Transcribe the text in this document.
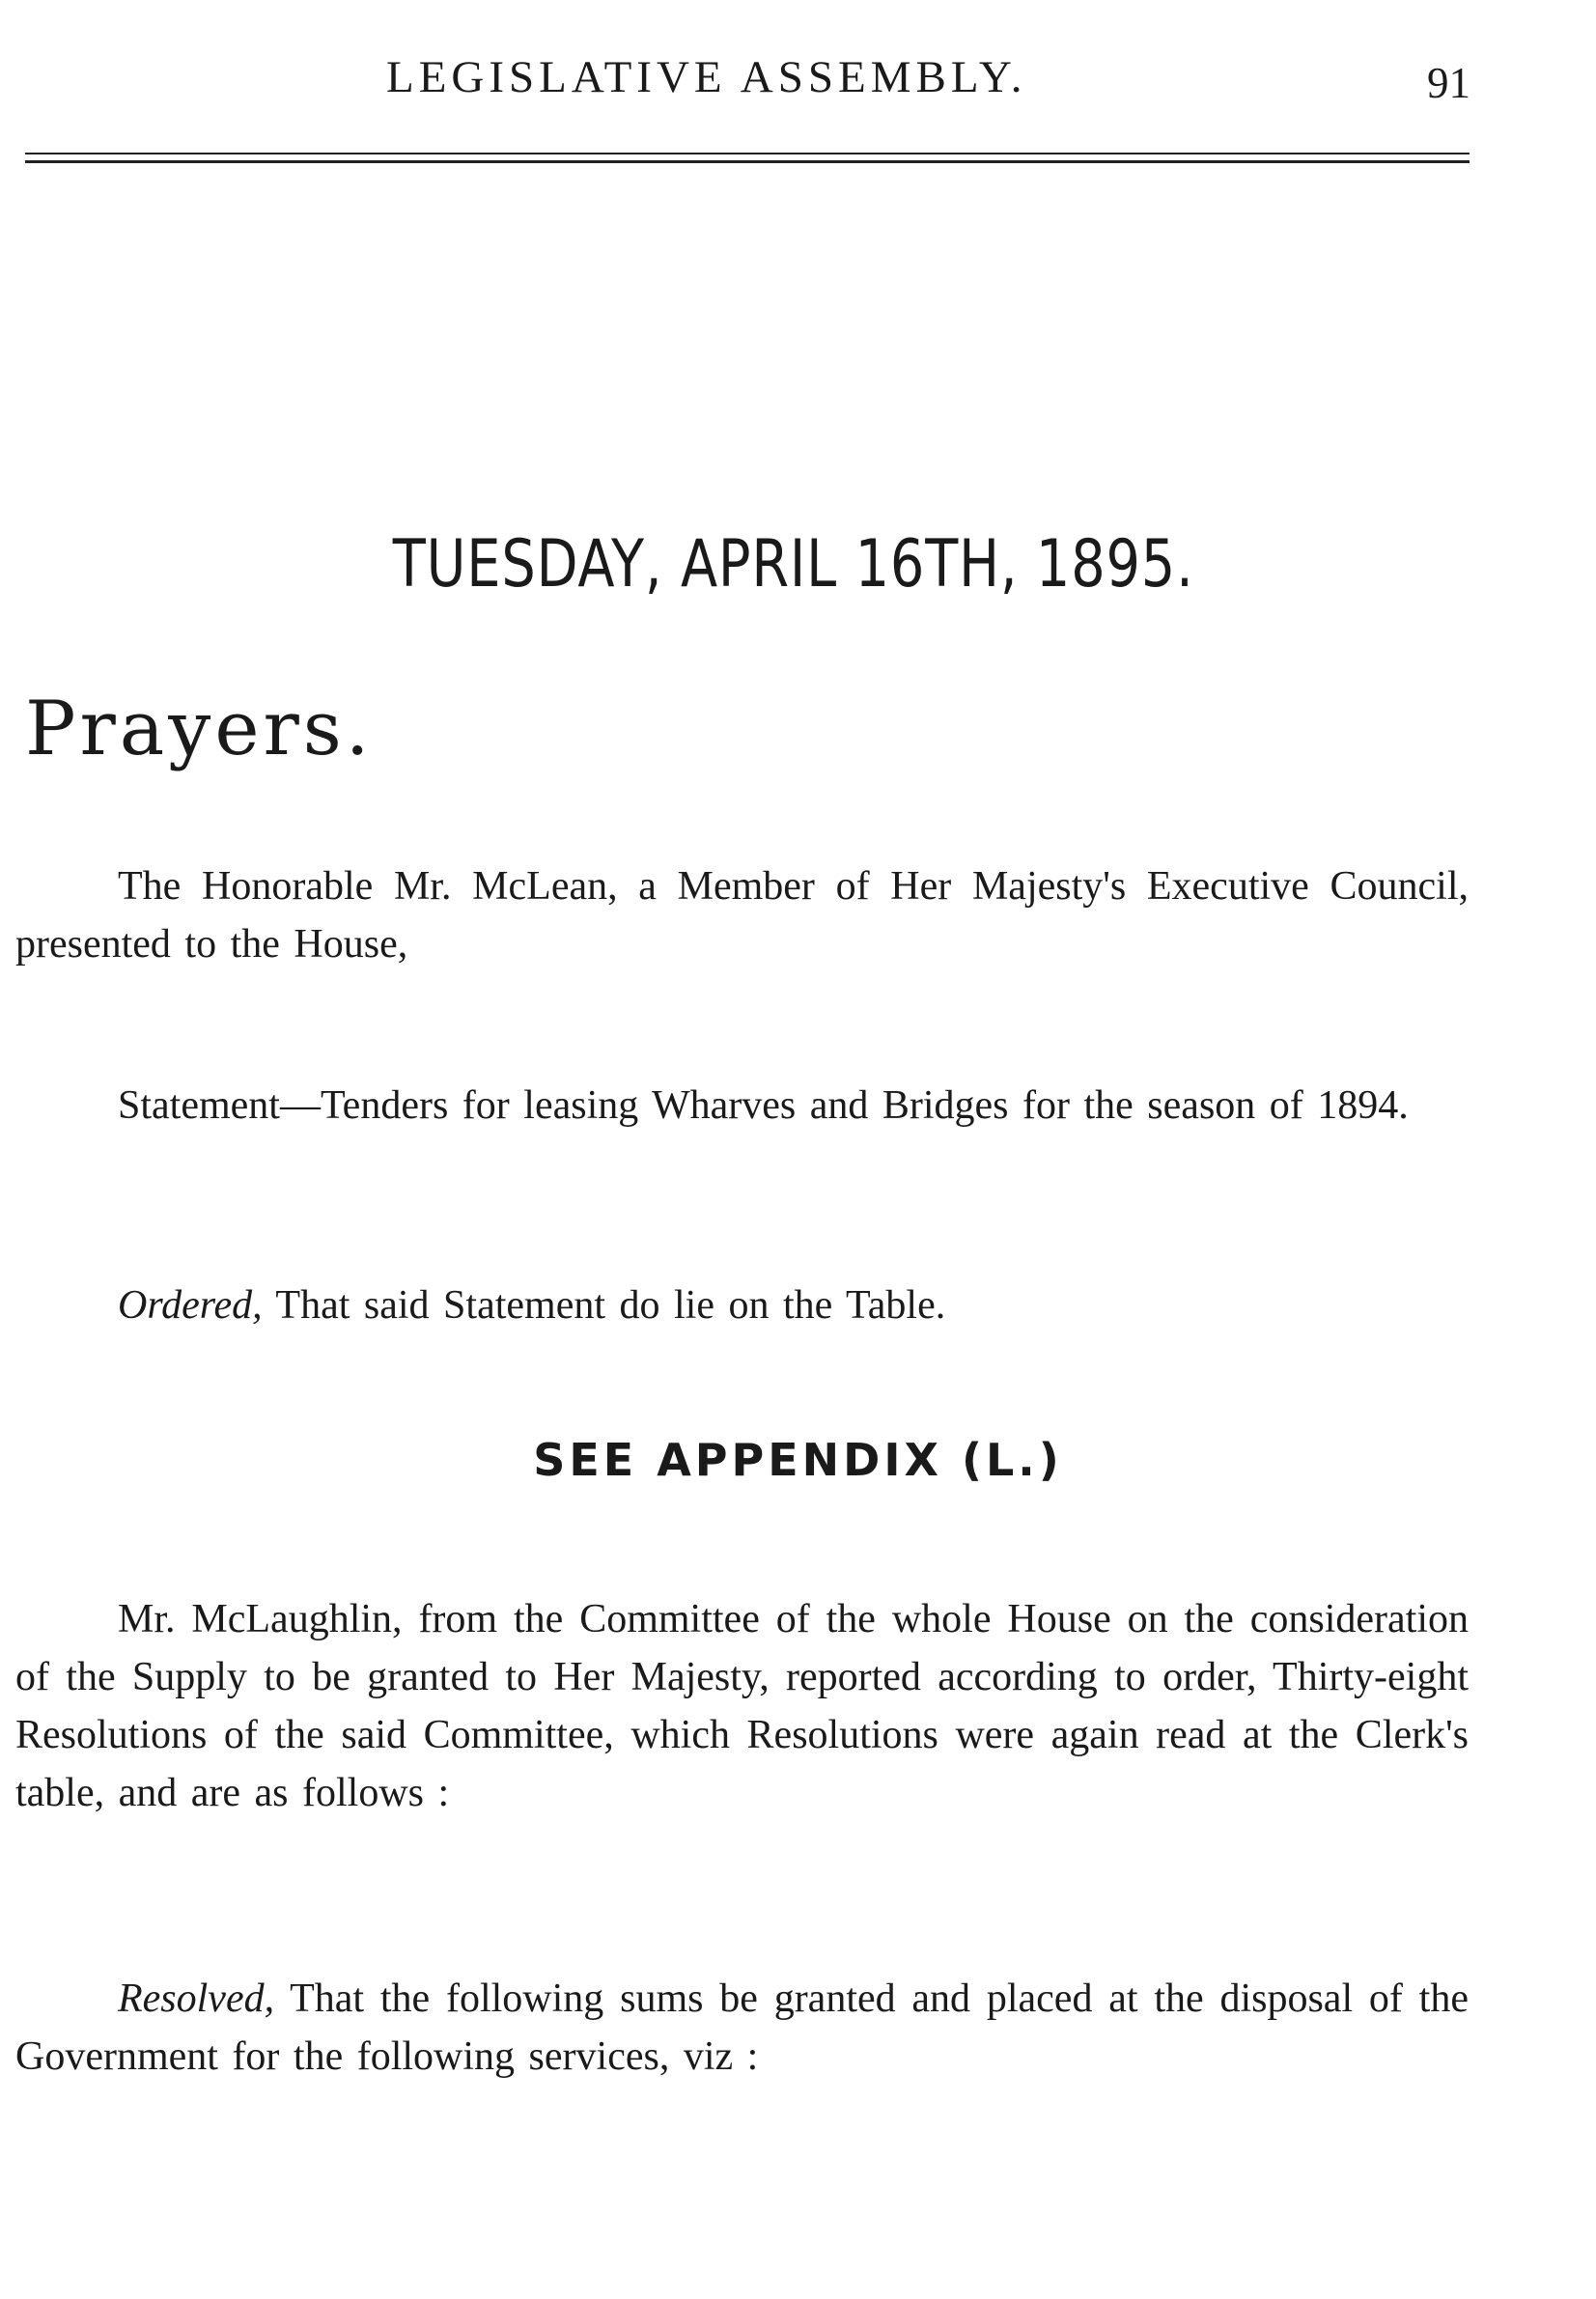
LEGISLATIVE ASSEMBLY.	91
TUESDAY, APRIL 16TH, 1895.
Prayers.

The Honorable Mr. McLean, a Member of Her Majesty's Executive Council, presented to the House,

Statement—Tenders for leasing Wharves and Bridges for the season of 1894.

Ordered, That said Statement do lie on the Table.

SEE APPENDIX (L.)

Mr. McLaughlin, from the Committee of the whole House on the consideration of the Supply to be granted to Her Majesty, reported according to order, Thirty-eight Resolutions of the said Committee, which Resolutions were again read at the Clerk's table, and are as follows :

Resolved, That the following sums be granted and placed at the disposal of the Government for the following services, viz :
